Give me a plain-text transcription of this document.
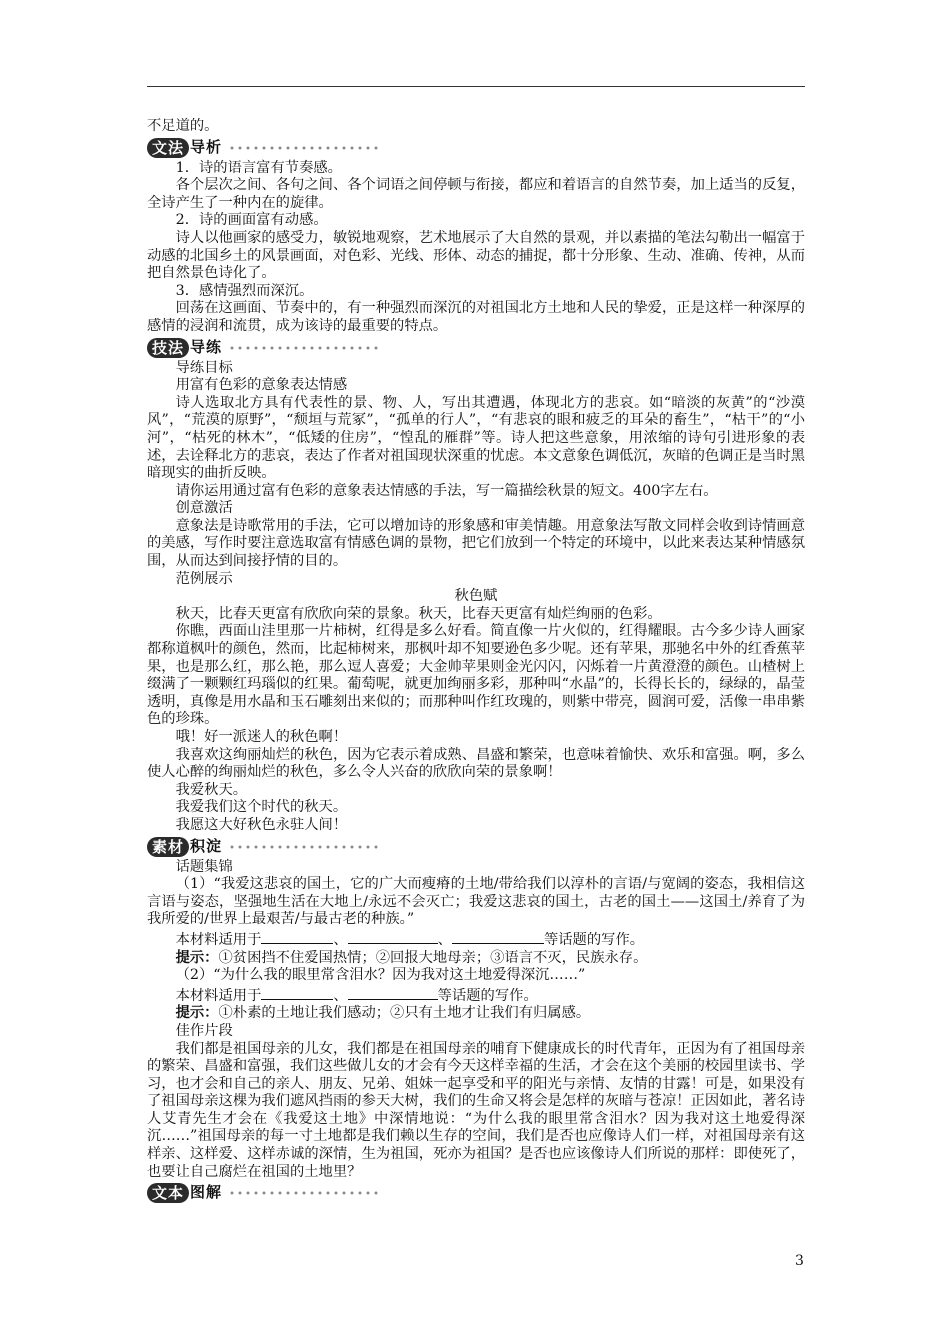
不足道的。

文法 导析

1．诗的语言富有节奏感。

各个层次之间、各句之间、各个词语之间停顿与衔接，都应和着语言的自然节奏，加上适当的反复，全诗产生了一种内在的旋律。

2．诗的画面富有动感。

诗人以他画家的感受力，敏锐地观察，艺术地展示了大自然的景观，并以素描的笔法勾勒出一幅富于动感的北国乡土的风景画面，对色彩、光线、形体、动态的捕捉，都十分形象、生动、准确、传神，从而把自然景色诗化了。

3．感情强烈而深沉。

回荡在这画面、节奏中的，有一种强烈而深沉的对祖国北方土地和人民的挚爱，正是这样一种深厚的感情的浸润和流贯，成为该诗的最重要的特点。

技法 导练

导练目标

用富有色彩的意象表达情感

诗人选取北方具有代表性的景、物、人，写出其遭遇，体现北方的悲哀。如“暗淡的灰黄”的“沙漠风”，“荒漠的原野”，“颓垣与荒冢”，“孤单的行人”，“有悲哀的眼和疲乏的耳朵的畜生”，“枯干”的“小河”，“枯死的林木”，“低矮的住房”，“惶乱的雁群”等。诗人把这些意象，用浓缩的诗句引进形象的表述，去诠释北方的悲哀，表达了作者对祖国现状深重的忧虑。本文意象色调低沉，灰暗的色调正是当时黑暗现实的曲折反映。

请你运用通过富有色彩的意象表达情感的手法，写一篇描绘秋景的短文。400字左右。

创意激活

意象法是诗歌常用的手法，它可以增加诗的形象感和审美情趣。用意象法写散文同样会收到诗情画意的美感，写作时要注意选取富有情感色调的景物，把它们放到一个特定的环境中，以此来表达某种情感氛围，从而达到间接抒情的目的。

范例展示

秋色赋

秋天，比春天更富有欣欣向荣的景象。秋天，比春天更富有灿烂绚丽的色彩。

你瞧，西面山洼里那一片柿树，红得是多么好看。简直像一片火似的，红得耀眼。古今多少诗人画家都称道枫叶的颜色，然而，比起柿树来，那枫叶却不知要逊色多少呢。还有苹果，那驰名中外的红香蕉苹果，也是那么红，那么艳，那么逗人喜爱；大金帅苹果则金光闪闪，闪烁着一片黄澄澄的颜色。山楂树上缀满了一颗颗红玛瑙似的红果。葡萄呢，就更加绚丽多彩，那种叫“水晶”的，长得长长的，绿绿的，晶莹透明，真像是用水晶和玉石雕刻出来似的；而那种叫作红玫瑰的，则紫中带亮，圆润可爱，活像一串串紫色的珍珠。

哦！好一派迷人的秋色啊！

我喜欢这绚丽灿烂的秋色，因为它表示着成熟、昌盛和繁荣，也意味着愉快、欢乐和富强。啊，多么使人心醉的绚丽灿烂的秋色，多么令人兴奋的欣欣向荣的景象啊！

我爱秋天。

我爱我们这个时代的秋天。

我愿这大好秋色永驻人间！

素材 积淀

话题集锦

（1）“我爱这悲哀的国土，它的广大而瘦瘠的土地/带给我们以淳朴的言语/与宽阔的姿态，我相信这言语与姿态，坚强地生活在大地上/永远不会灭亡；我爱这悲哀的国土，古老的国土——这国土/养育了为我所爱的/世界上最艰苦/与最古老的种族。”

本材料适用于	、	、	等话题的写作。

提示：①贫困挡不住爱国热情；②回报大地母亲；③语言不灭，民族永存。

（2）“为什么我的眼里常含泪水？因为我对这土地爱得深沉……”

本材料适用于	、	等话题的写作。

提示：①朴素的土地让我们感动；②只有土地才让我们有归属感。

佳作片段

我们都是祖国母亲的儿女，我们都是在祖国母亲的哺育下健康成长的时代青年，正因为有了祖国母亲的繁荣、昌盛和富强，我们这些做儿女的才会有今天这样幸福的生活，才会在这个美丽的校园里读书、学习，也才会和自己的亲人、朋友、兄弟、姐妹一起享受和平的阳光与亲情、友情的甘露！可是，如果没有了祖国母亲这棵为我们遮风挡雨的参天大树，我们的生命又将会是怎样的灰暗与苍凉！正因如此，著名诗人艾青先生才会在《我爱这土地》中深情地说：“为什么我的眼里常含泪水？因为我对这土地爱得深沉……”祖国母亲的每一寸土地都是我们赖以生存的空间，我们是否也应像诗人们一样，对祖国母亲有这样亲、这样爱、这样赤诚的深情，生为祖国，死亦为祖国？是否也应该像诗人们所说的那样：即使死了，也要让自己腐烂在祖国的土地里？

文本 图解
3
